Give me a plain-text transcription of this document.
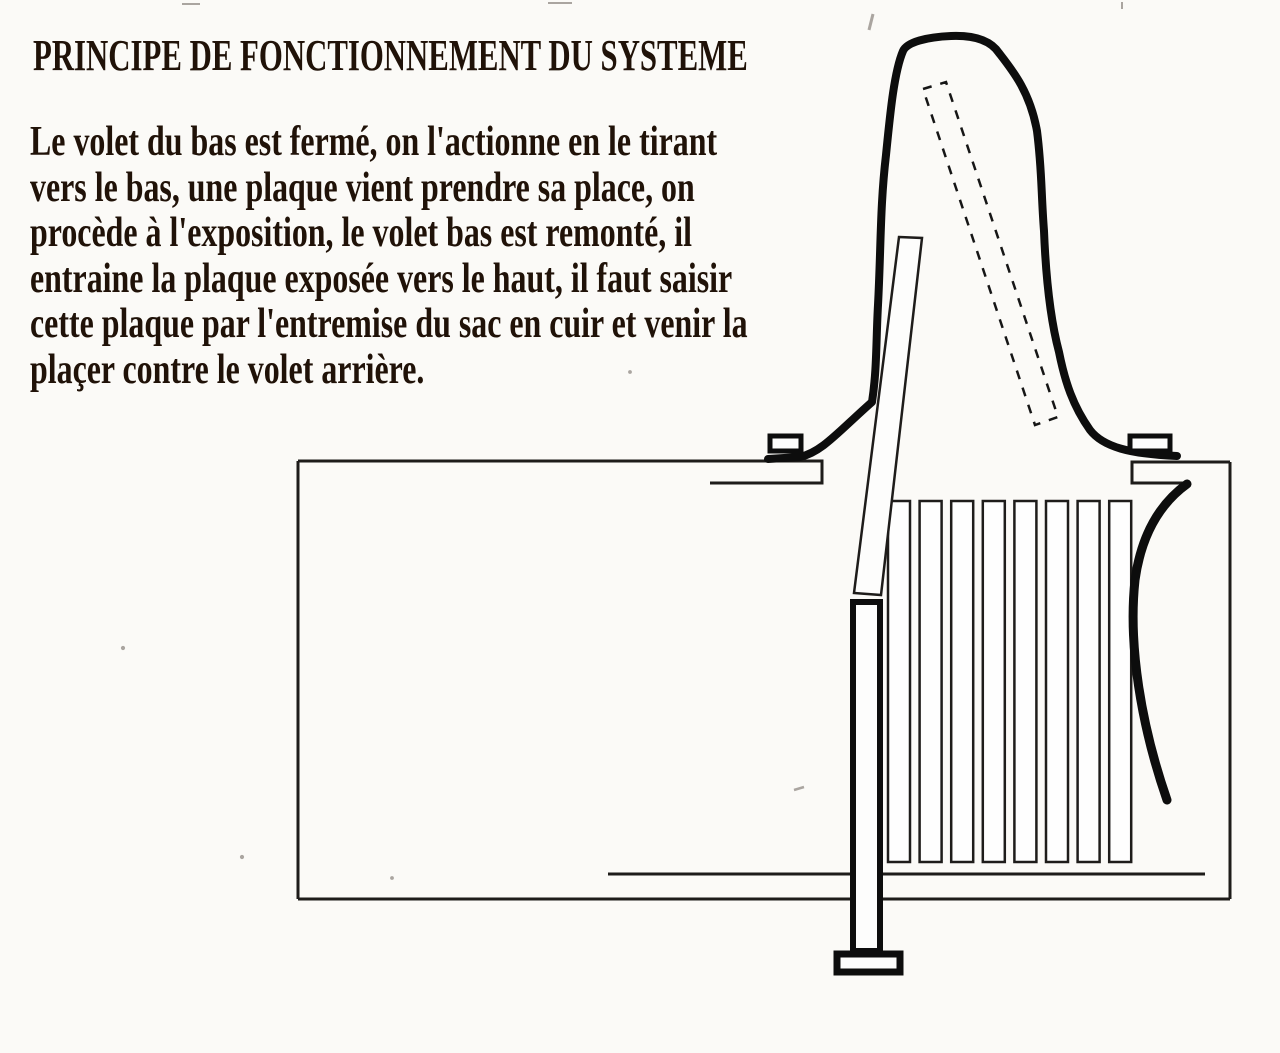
PRINCIPE DE FONCTIONNEMENT DU SYSTEME
Le volet du bas est fermé, on l'actionne en le tirant
vers le bas, une plaque vient prendre sa place, on
procède à l'exposition, le volet bas est remonté, il
entraine la plaque exposée vers le haut, il faut saisir
cette plaque par l'entremise du sac en cuir et venir la
plaçer contre le volet arrière.
